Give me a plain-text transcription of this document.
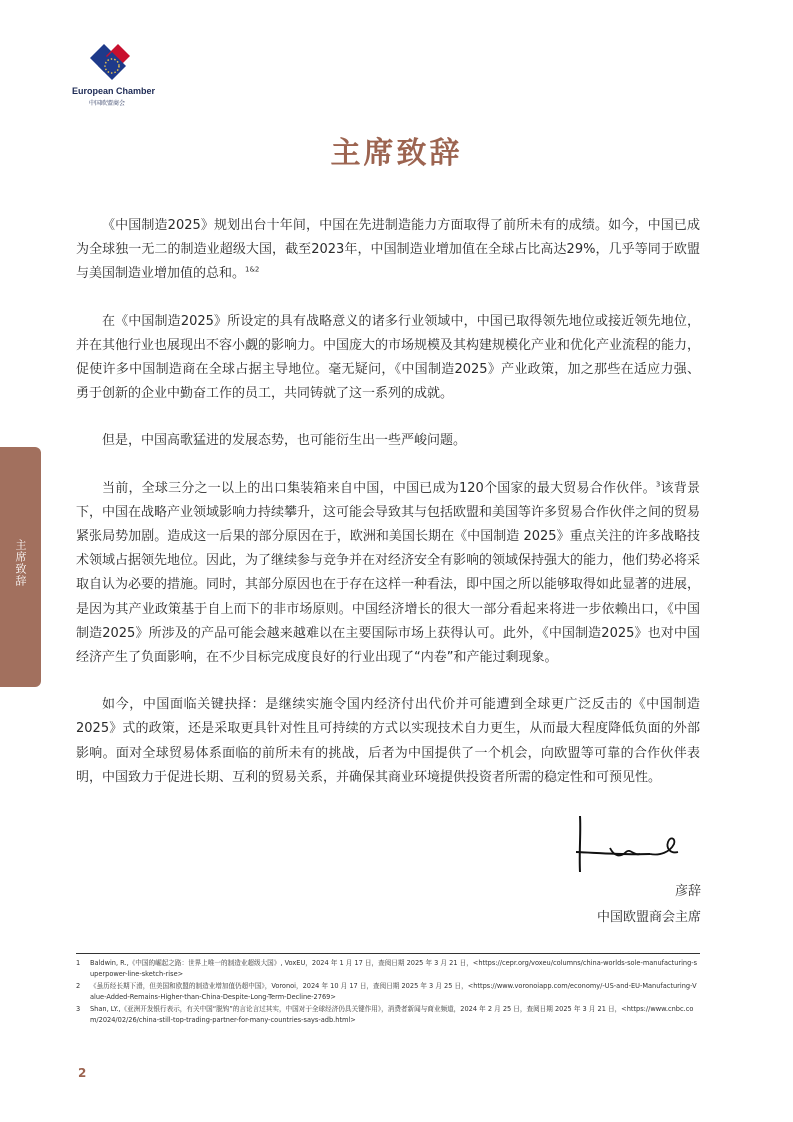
European Chamber
中国欧盟商会
主席致辞
主席致辞

《中国制造2025》规划出台十年间，中国在先进制造能力方面取得了前所未有的成绩。如今，中国已成为全球独一无二的制造业超级大国，截至2023年，中国制造业增加值在全球占比高达29%，几乎等同于欧盟与美国制造业增加值的总和。$^{1\&2}$

在《中国制造2025》所设定的具有战略意义的诸多行业领域中，中国已取得领先地位或接近领先地位，并在其他行业也展现出不容小觑的影响力。中国庞大的市场规模及其构建规模化产业和优化产业流程的能力，促使许多中国制造商在全球占据主导地位。毫无疑问，《中国制造2025》产业政策，加之那些在适应力强、勇于创新的企业中勤奋工作的员工，共同铸就了这一系列的成就。

但是，中国高歌猛进的发展态势，也可能衍生出一些严峻问题。

当前，全球三分之一以上的出口集装箱来自中国，中国已成为120个国家的最大贸易合作伙伴。$^3$该背景下，中国在战略产业领域影响力持续攀升，这可能会导致其与包括欧盟和美国等许多贸易合作伙伴之间的贸易紧张局势加剧。造成这一后果的部分原因在于，欧洲和美国长期在《中国制造 2025》重点关注的许多战略技术领域占据领先地位。因此，为了继续参与竞争并在对经济安全有影响的领域保持强大的能力，他们势必将采取自认为必要的措施。同时，其部分原因也在于存在这样一种看法，即中国之所以能够取得如此显著的进展，是因为其产业政策基于自上而下的非市场原则。中国经济增长的很大一部分看起来将进一步依赖出口，《中国制造2025》所涉及的产品可能会越来越难以在主要国际市场上获得认可。此外，《中国制造2025》也对中国经济产生了负面影响，在不少目标完成度良好的行业出现了“内卷”和产能过剩现象。

如今，中国面临关键抉择：是继续实施令国内经济付出代价并可能遭到全球更广泛反击的《中国制造2025》式的政策，还是采取更具针对性且可持续的方式以实现技术自力更生，从而最大程度降低负面的外部影响。面对全球贸易体系面临的前所未有的挑战，后者为中国提供了一个机会，向欧盟等可靠的合作伙伴表明，中国致力于促进长期、互利的贸易关系，并确保其商业环境提供投资者所需的稳定性和可预见性。

彦辞
中国欧盟商会主席
1 Baldwin, R.,《中国的崛起之路：世界上唯一的制造业超级大国》, VoxEU，2024 年 1 月 17 日，查阅日期 2025 年 3 月 21 日，<https://cepr.org/voxeu/columns/china-worlds-sole-manufacturing-superpower-line-sketch-rise>
2 《虽历经长期下滑，但美国和欧盟的制造业增加值仍超中国》，Voronoi，2024 年 10 月 17 日，查阅日期 2025 年 3 月 25 日，<https://www.voronoiapp.com/economy/-US-and-EU-Manufacturing-Value-Added-Remains-Higher-than-China-Despite-Long-Term-Decline-2769>
3 Shan, LY.,《亚洲开发银行表示，有关中国“脱钩”的言论言过其实，中国对于全球经济仍具关键作用》，消费者新闻与商业频道，2024 年 2 月 25 日，查阅日期 2025 年 3 月 21 日，<https://www.cnbc.com/2024/02/26/china-still-top-trading-partner-for-many-countries-says-adb.html>
2
